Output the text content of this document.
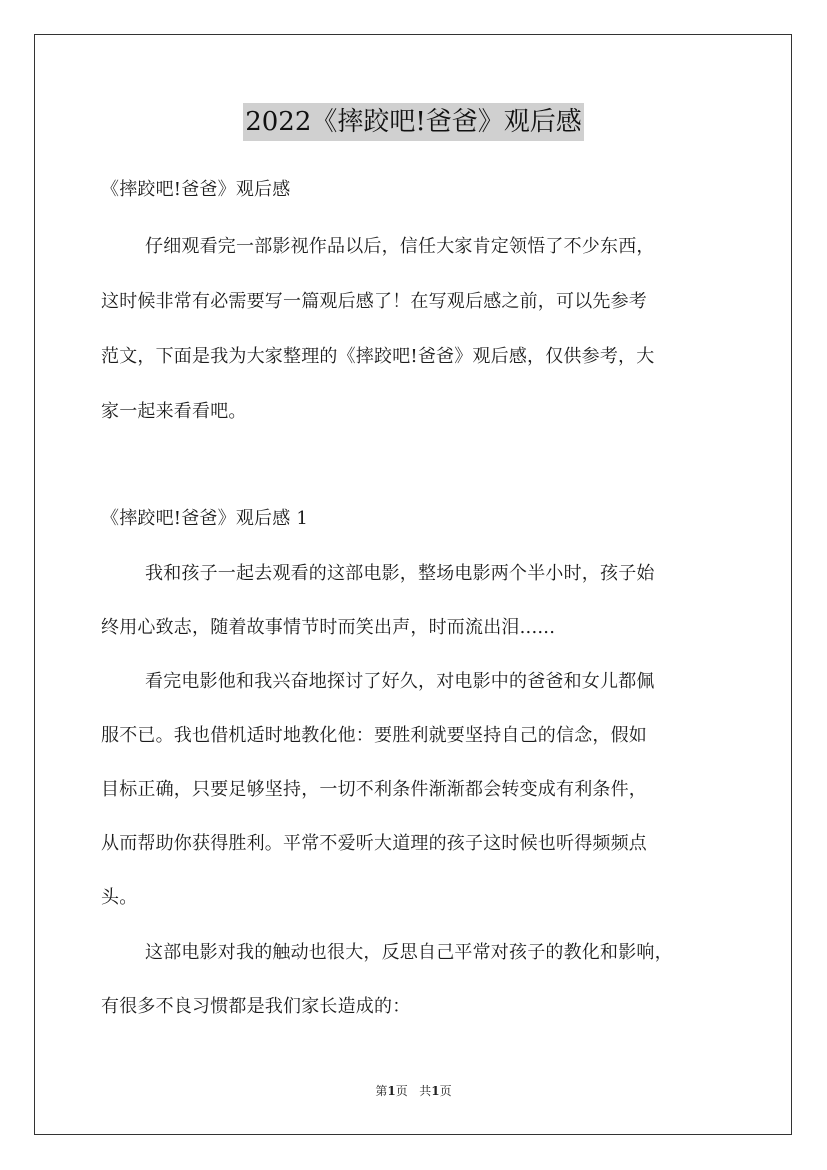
2022《摔跤吧!爸爸》观后感
《摔跤吧!爸爸》观后感
仔细观看完一部影视作品以后，信任大家肯定领悟了不少东西，
这时候非常有必需要写一篇观后感了！在写观后感之前，可以先参考
范文，下面是我为大家整理的《摔跤吧!爸爸》观后感，仅供参考，大
家一起来看看吧。
《摔跤吧!爸爸》观后感 1
我和孩子一起去观看的这部电影，整场电影两个半小时，孩子始
终用心致志，随着故事情节时而笑出声，时而流出泪......
看完电影他和我兴奋地探讨了好久，对电影中的爸爸和女儿都佩
服不已。我也借机适时地教化他：要胜利就要坚持自己的信念，假如
目标正确，只要足够坚持，一切不利条件渐渐都会转变成有利条件，
从而帮助你获得胜利。平常不爱听大道理的孩子这时候也听得频频点
头。
这部电影对我的触动也很大，反思自己平常对孩子的教化和影响，
有很多不良习惯都是我们家长造成的：
第1页 共1页
